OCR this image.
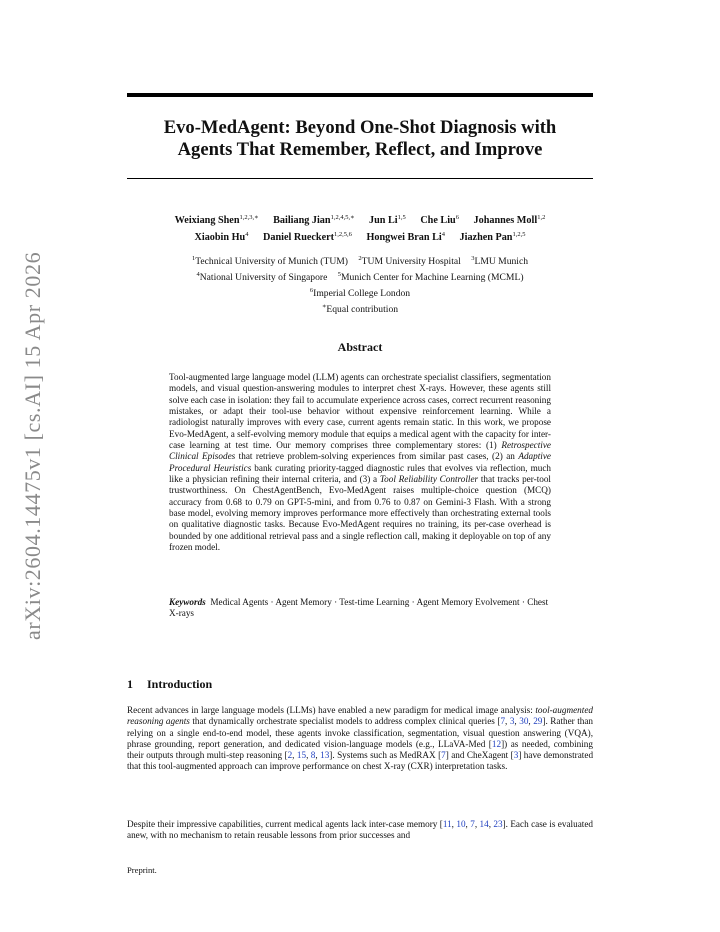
arXiv:2604.14475v1 [cs.AI] 15 Apr 2026
Evo-MedAgent: Beyond One-Shot Diagnosis with
Agents That Remember, Reflect, and Improve
Weixiang Shen$^{1,2,3,∗}$ Bailiang Jian$^{1,2,4,5,∗}$ Jun Li$^{1,5}$ Che Liu$^6$ Johannes Moll$^{1,2}$
Xiaobin Hu$^4$ Daniel Rueckert$^{1,2,5,6}$ Hongwei Bran Li$^4$ Jiazhen Pan$^{1,2,5}$
$^1$Technical University of Munich (TUM) $^2$TUM University Hospital $^3$LMU Munich
$^4$National University of Singapore $^5$Munich Center for Machine Learning (MCML)
$^6$Imperial College London
∗Equal contribution
Abstract

Tool-augmented large language model (LLM) agents can orchestrate specialist classifiers, segmentation models, and visual question-answering modules to interpret chest X-rays. However, these agents still solve each case in isolation: they fail to accumulate experience across cases, correct recurrent reasoning mistakes, or adapt their tool-use behavior without expensive reinforcement learning. While a radiologist naturally improves with every case, current agents remain static. In this work, we propose Evo-MedAgent, a self-evolving memory module that equips a medical agent with the capacity for inter-case learning at test time. Our memory comprises three complementary stores: (1) Retrospective Clinical Episodes that retrieve problem-solving experiences from similar past cases, (2) an Adaptive Procedural Heuristics bank curating priority-tagged diagnostic rules that evolves via reflection, much like a physician refining their internal criteria, and (3) a Tool Reliability Controller that tracks per-tool trustworthiness. On ChestAgentBench, Evo-MedAgent raises multiple-choice question (MCQ) accuracy from 0.68 to 0.79 on GPT-5-mini, and from 0.76 to 0.87 on Gemini-3 Flash. With a strong base model, evolving memory improves performance more effectively than orchestrating external tools on qualitative diagnostic tasks. Because Evo-MedAgent requires no training, its per-case overhead is bounded by one additional retrieval pass and a single reflection call, making it deployable on top of any frozen model.

Keywords Medical Agents · Agent Memory · Test-time Learning · Agent Memory Evolvement · Chest X-rays

1 Introduction

Recent advances in large language models (LLMs) have enabled a new paradigm for medical image analysis: tool-augmented reasoning agents that dynamically orchestrate specialist models to address complex clinical queries [7, 3, 30, 29]. Rather than relying on a single end-to-end model, these agents invoke classification, segmentation, visual question answering (VQA), phrase grounding, report generation, and dedicated vision-language models (e.g., LLaVA-Med [12]) as needed, combining their outputs through multi-step reasoning [2, 15, 8, 13]. Systems such as MedRAX [7] and CheXagent [3] have demonstrated that this tool-augmented approach can improve performance on chest X-ray (CXR) interpretation tasks.

Despite their impressive capabilities, current medical agents lack inter-case memory [11, 10, 7, 14, 23]. Each case is evaluated anew, with no mechanism to retain reusable lessons from prior successes and

Preprint.
